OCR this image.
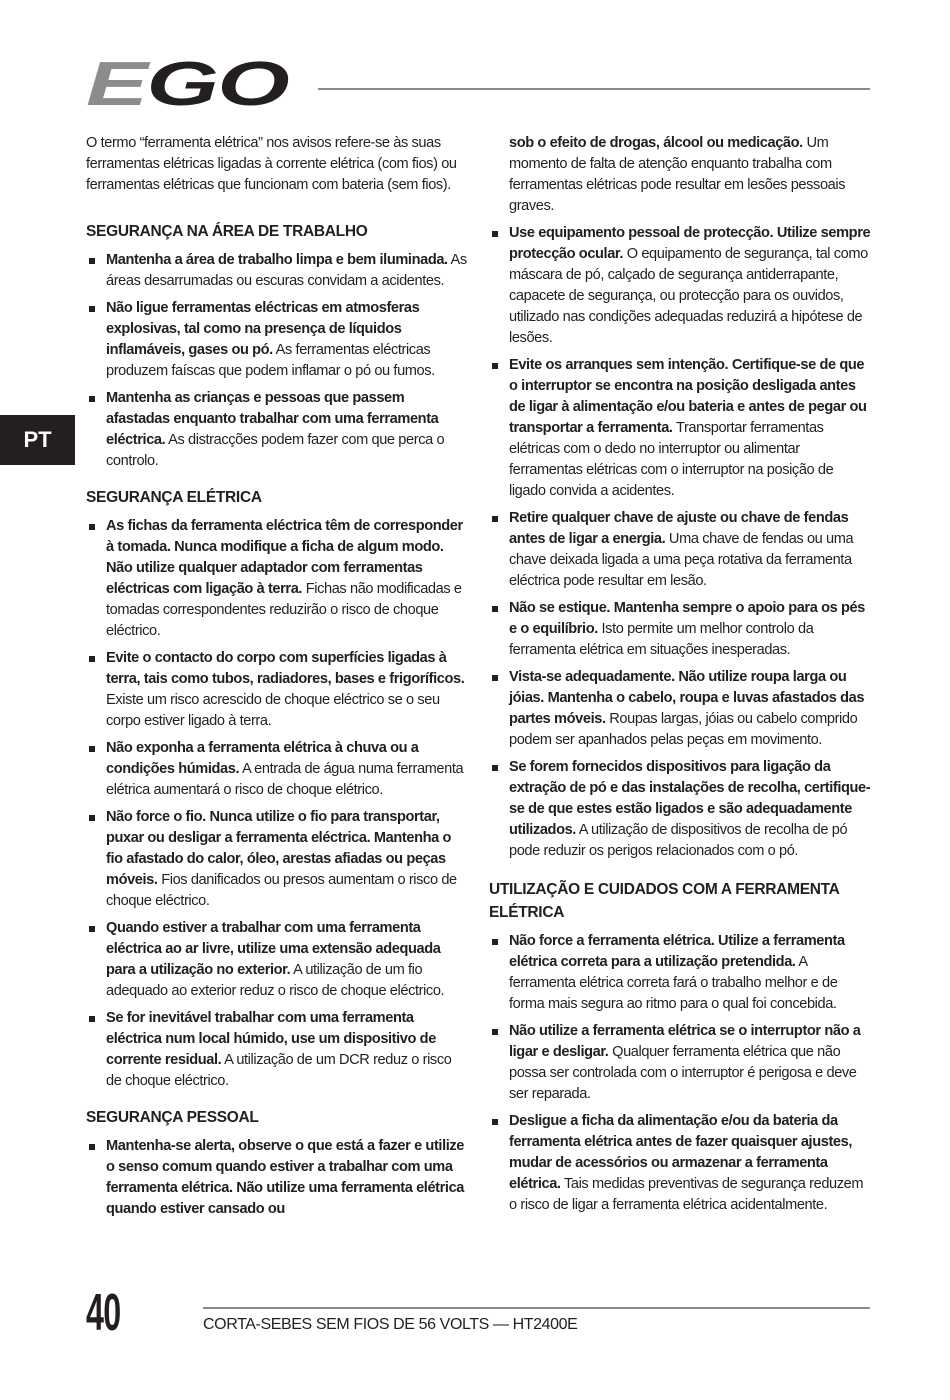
EGO
PT

O termo “ferramenta elétrica” nos avisos refere-se às suas ferramentas elétricas ligadas à corrente elétrica (com fios) ou ferramentas elétricas que funcionam com bateria (sem fios).

SEGURANÇA NA ÁREA DE TRABALHO

Mantenha a área de trabalho limpa e bem iluminada. As áreas desarrumadas ou escuras convidam a acidentes.

Não ligue ferramentas eléctricas em atmosferas explosivas, tal como na presença de líquidos inflamáveis, gases ou pó. As ferramentas eléctricas produzem faíscas que podem inflamar o pó ou fumos.

Mantenha as crianças e pessoas que passem afastadas enquanto trabalhar com uma ferramenta eléctrica. As distracções podem fazer com que perca o controlo.

SEGURANÇA ELÉTRICA

As fichas da ferramenta eléctrica têm de corresponder à tomada. Nunca modifique a ficha de algum modo. Não utilize qualquer adaptador com ferramentas eléctricas com ligação à terra. Fichas não modificadas e tomadas correspondentes reduzirão o risco de choque eléctrico.

Evite o contacto do corpo com superfícies ligadas à terra, tais como tubos, radiadores, bases e frigoríficos. Existe um risco acrescido de choque eléctrico se o seu corpo estiver ligado à terra.

Não exponha a ferramenta elétrica à chuva ou a condições húmidas. A entrada de água numa ferramenta elétrica aumentará o risco de choque elétrico.

Não force o fio. Nunca utilize o fio para transportar, puxar ou desligar a ferramenta eléctrica. Mantenha o fio afastado do calor, óleo, arestas afiadas ou peças móveis. Fios danificados ou presos aumentam o risco de choque eléctrico.

Quando estiver a trabalhar com uma ferramenta eléctrica ao ar livre, utilize uma extensão adequada para a utilização no exterior. A utilização de um fio adequado ao exterior reduz o risco de choque eléctrico.

Se for inevitável trabalhar com uma ferramenta eléctrica num local húmido, use um dispositivo de corrente residual. A utilização de um DCR reduz o risco de choque eléctrico.

SEGURANÇA PESSOAL

Mantenha-se alerta, observe o que está a fazer e utilize o senso comum quando estiver a trabalhar com uma ferramenta elétrica. Não utilize uma ferramenta elétrica quando estiver cansado ou

sob o efeito de drogas, álcool ou medicação. Um momento de falta de atenção enquanto trabalha com ferramentas elétricas pode resultar em lesões pessoais graves.

Use equipamento pessoal de protecção. Utilize sempre protecção ocular. O equipamento de segurança, tal como máscara de pó, calçado de segurança antiderrapante, capacete de segurança, ou protecção para os ouvidos, utilizado nas condições adequadas reduzirá a hipótese de lesões.

Evite os arranques sem intenção. Certifique-se de que o interruptor se encontra na posição desligada antes de ligar à alimentação e/ou bateria e antes de pegar ou transportar a ferramenta. Transportar ferramentas elétricas com o dedo no interruptor ou alimentar ferramentas elétricas com o interruptor na posição de ligado convida a acidentes.

Retire qualquer chave de ajuste ou chave de fendas antes de ligar a energia. Uma chave de fendas ou uma chave deixada ligada a uma peça rotativa da ferramenta eléctrica pode resultar em lesão.

Não se estique. Mantenha sempre o apoio para os pés e o equilíbrio. Isto permite um melhor controlo da ferramenta elétrica em situações inesperadas.

Vista-se adequadamente. Não utilize roupa larga ou jóias. Mantenha o cabelo, roupa e luvas afastados das partes móveis. Roupas largas, jóias ou cabelo comprido podem ser apanhados pelas peças em movimento.

Se forem fornecidos dispositivos para ligação da extração de pó e das instalações de recolha, certifique-se de que estes estão ligados e são adequadamente utilizados. A utilização de dispositivos de recolha de pó pode reduzir os perigos relacionados com o pó.

UTILIZAÇÃO E CUIDADOS COM A FERRAMENTA ELÉTRICA

Não force a ferramenta elétrica. Utilize a ferramenta elétrica correta para a utilização pretendida. A ferramenta elétrica correta fará o trabalho melhor e de forma mais segura ao ritmo para o qual foi concebida.

Não utilize a ferramenta elétrica se o interruptor não a ligar e desligar. Qualquer ferramenta elétrica que não possa ser controlada com o interruptor é perigosa e deve ser reparada.

Desligue a ficha da alimentação e/ou da bateria da ferramenta elétrica antes de fazer quaisquer ajustes, mudar de acessórios ou armazenar a ferramenta elétrica. Tais medidas preventivas de segurança reduzem o risco de ligar a ferramenta elétrica acidentalmente.

40	CORTA-SEBES SEM FIOS DE 56 VOLTS — HT2400E
